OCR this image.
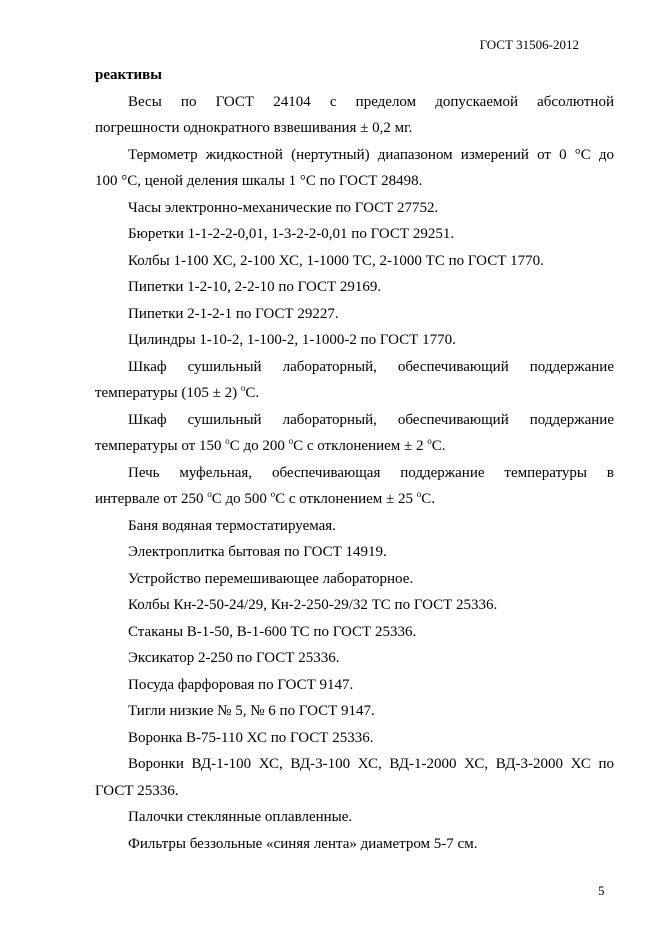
ГОСТ 31506-2012

реактивы

Весы по ГОСТ 24104 с пределом допускаемой абсолютной

погрешности однократного взвешивания ± 0,2 мг.

Термометр жидкостной (нертутный) диапазоном измерений от 0 °С до

100 °С, ценой деления шкалы 1 °С по ГОСТ 28498.

Часы электронно-механические по ГОСТ 27752.

Бюретки 1-1-2-2-0,01, 1-3-2-2-0,01 по ГОСТ 29251.

Колбы 1-100 ХС, 2-100 ХС, 1-1000 ТС, 2-1000 ТС по ГОСТ 1770.

Пипетки 1-2-10, 2-2-10 по ГОСТ 29169.

Пипетки 2-1-2-1 по ГОСТ 29227.

Цилиндры 1-10-2, 1-100-2, 1-1000-2 по ГОСТ 1770.

Шкаф сушильный лабораторный, обеспечивающий поддержание

температуры (105 ± 2) $^o$С.

Шкаф сушильный лабораторный, обеспечивающий поддержание

температуры от 150 $^o$С до 200 $^o$С с отклонением ± 2 $^o$С.

Печь муфельная, обеспечивающая поддержание температуры в

интервале от 250 $^o$С до 500 $^o$С с отклонением ± 25 $^o$С.

Баня водяная термостатируемая.

Электроплитка бытовая по ГОСТ 14919.

Устройство перемешивающее лабораторное.

Колбы Кн-2-50-24/29, Кн-2-250-29/32 ТС по ГОСТ 25336.

Стаканы В-1-50, В-1-600 ТС по ГОСТ 25336.

Эксикатор 2-250 по ГОСТ 25336.

Посуда фарфоровая по ГОСТ 9147.

Тигли низкие № 5, № 6 по ГОСТ 9147.

Воронка В-75-110 ХС по ГОСТ 25336.

Воронки ВД-1-100 ХС, ВД-3-100 ХС, ВД-1-2000 ХС, ВД-3-2000 ХС по

ГОСТ 25336.

Палочки стеклянные оплавленные.

Фильтры беззольные «синяя лента» диаметром 5-7 см.

5
